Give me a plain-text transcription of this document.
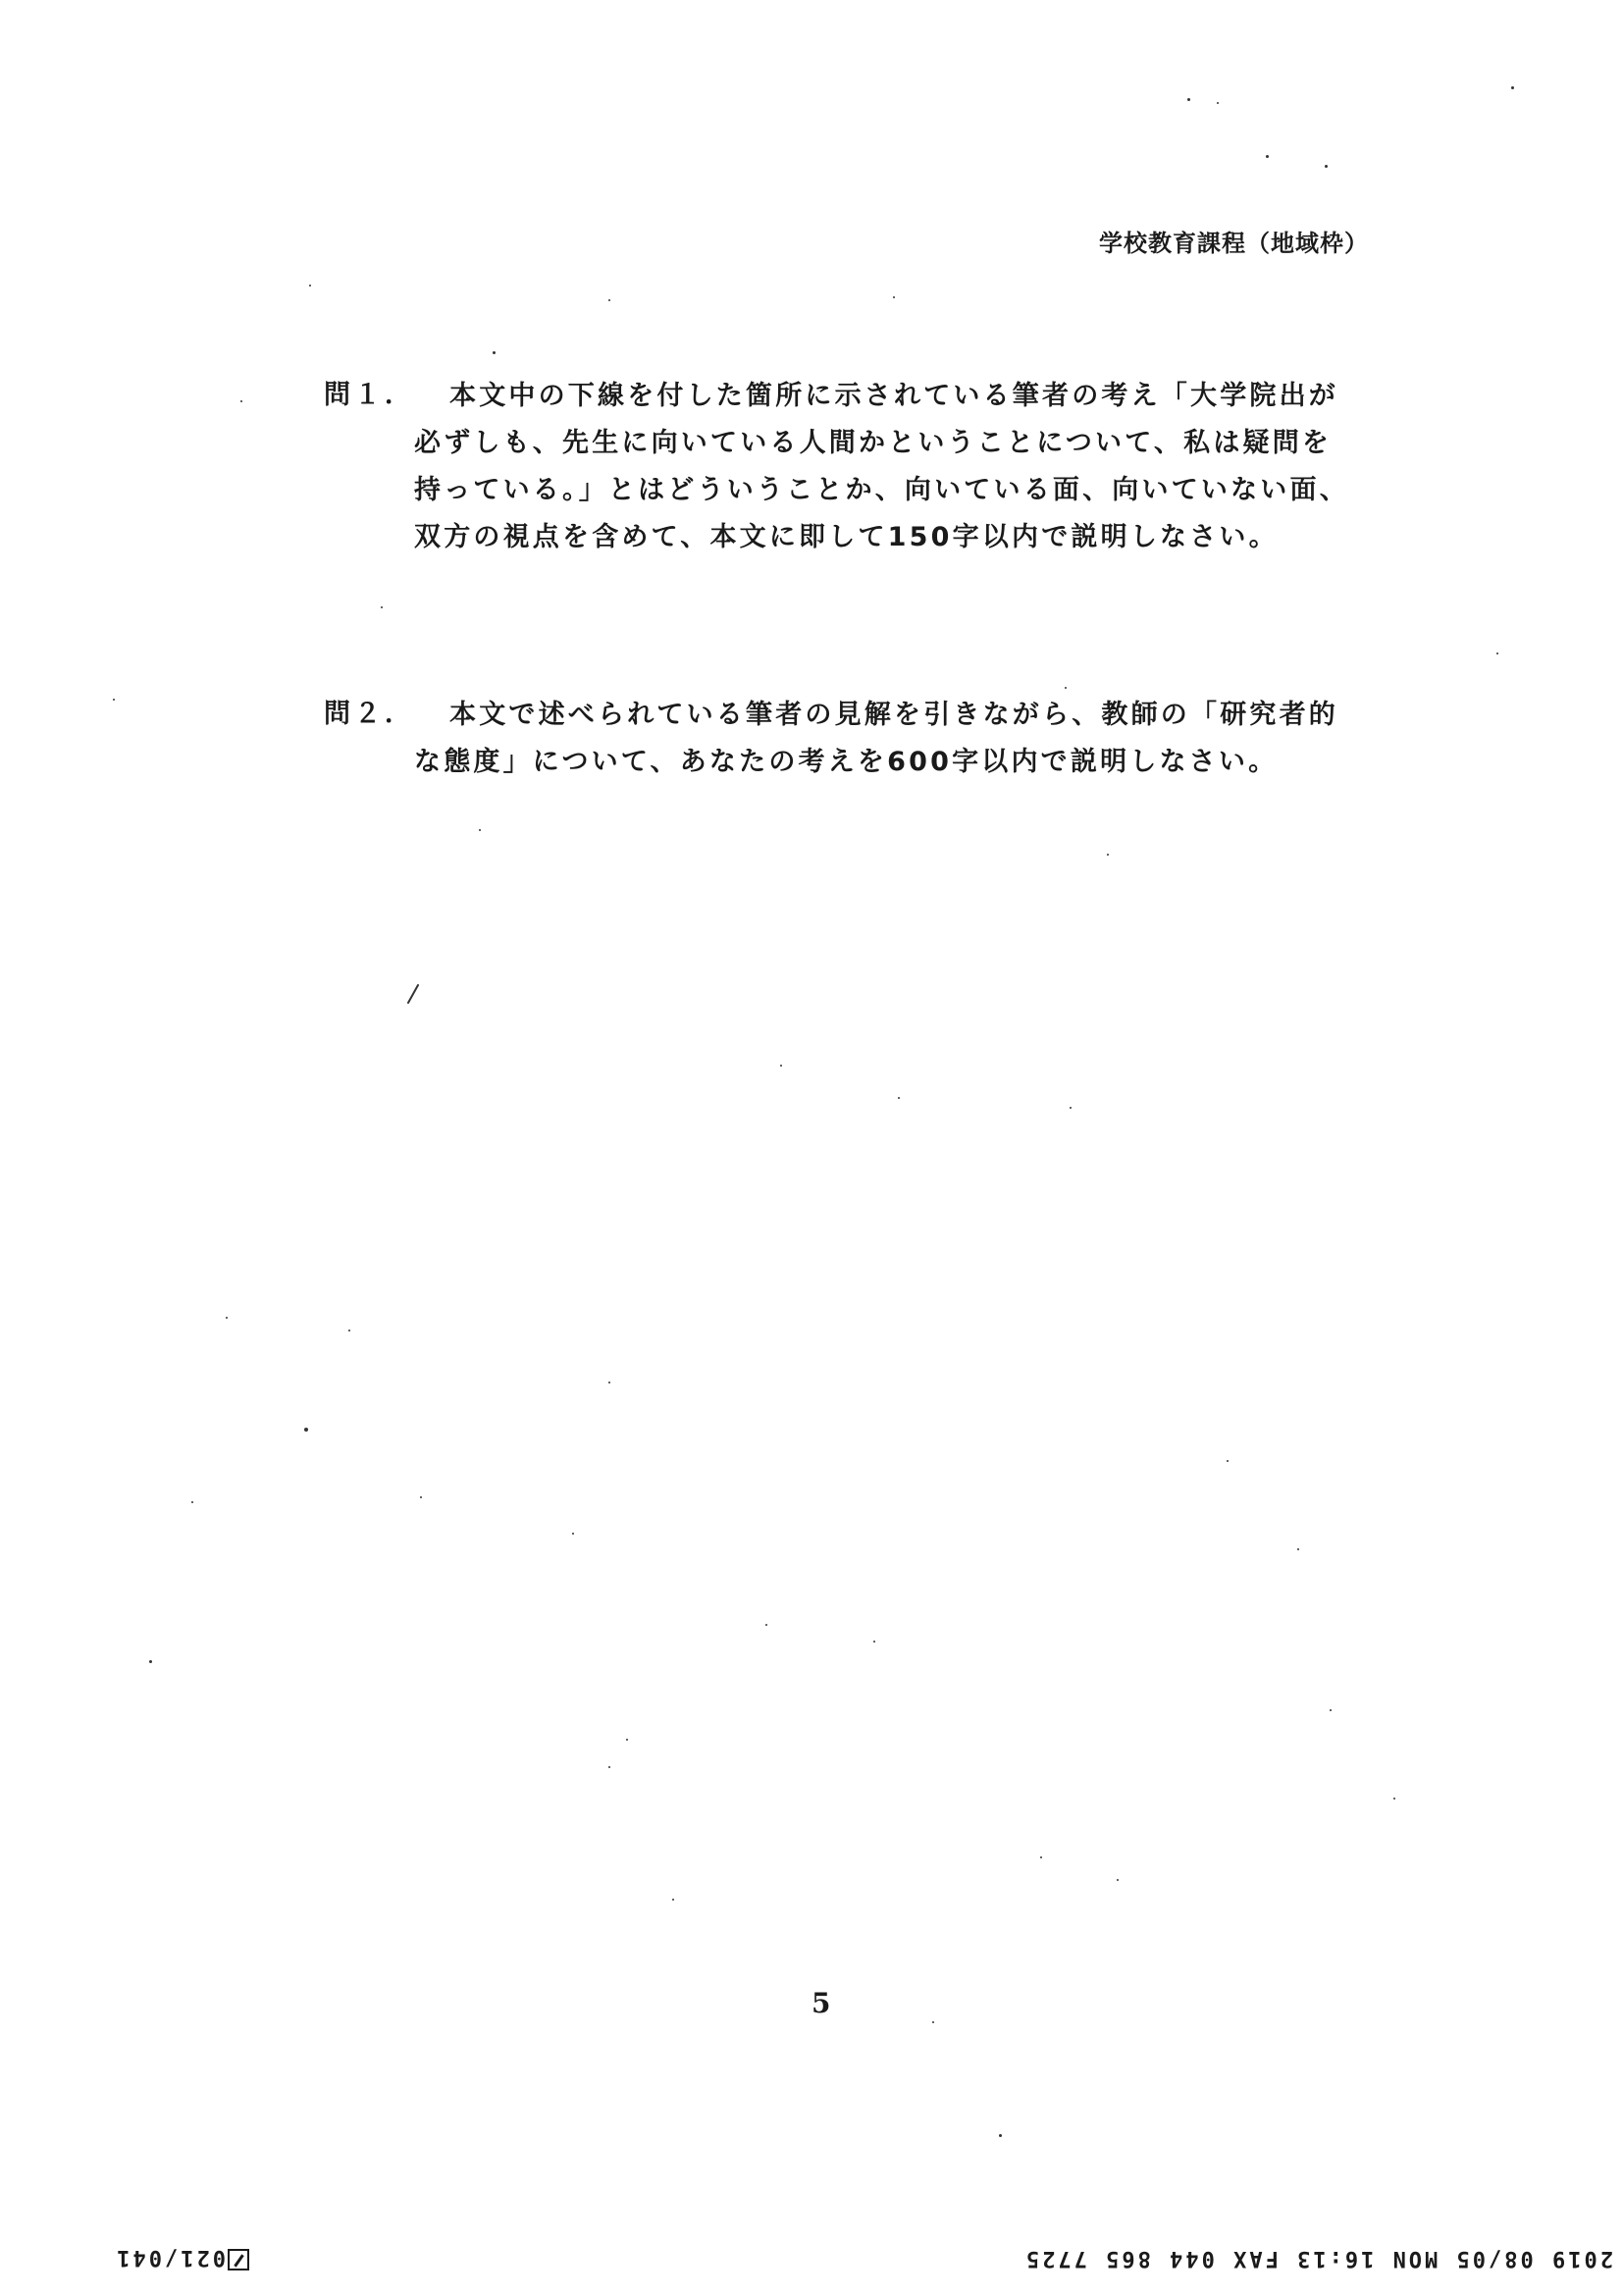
学校教育課程（地域枠）
問１．	本文中の下線を付した箇所に示されている筆者の考え「大学院出が必ずしも、先生に向いている人間かということについて、私は疑問を持っている。」とはどういうことか、向いている面、向いていない面、双方の視点を含めて、本文に即して150字以内で説明しなさい。

問２．	本文で述べられている筆者の見解を引きながら、教師の「研究者的な態度」について、あなたの考えを600字以内で説明しなさい。

5
2019 08/05 MON 16:13 FAX 044 865 7725
021/041
